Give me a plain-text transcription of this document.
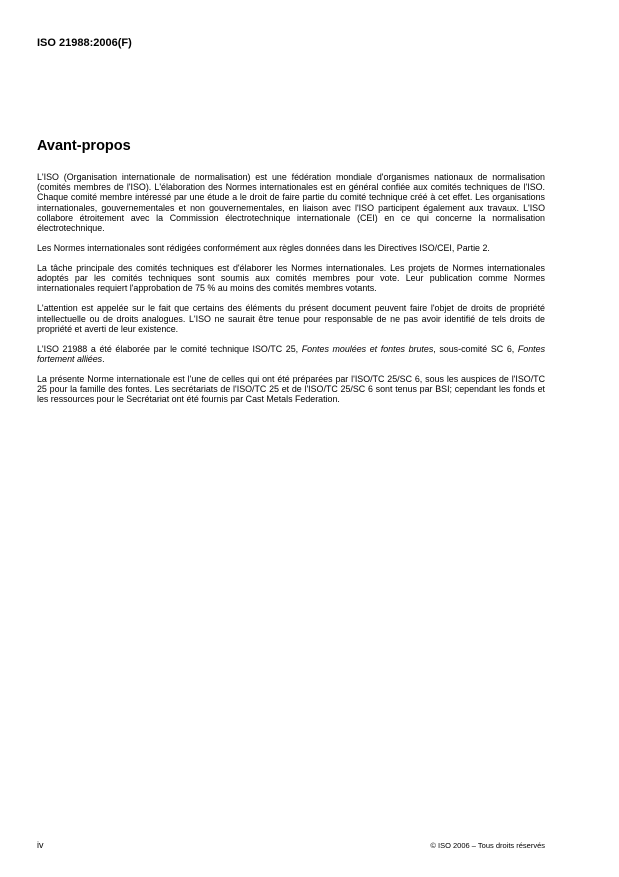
ISO 21988:2006(F)
Avant-propos

L'ISO (Organisation internationale de normalisation) est une fédération mondiale d'organismes nationaux de normalisation (comités membres de l'ISO). L'élaboration des Normes internationales est en général confiée aux comités techniques de l'ISO. Chaque comité membre intéressé par une étude a le droit de faire partie du comité technique créé à cet effet. Les organisations internationales, gouvernementales et non gouvernementales, en liaison avec l'ISO participent également aux travaux. L'ISO collabore étroitement avec la Commission électrotechnique internationale (CEI) en ce qui concerne la normalisation électrotechnique.

Les Normes internationales sont rédigées conformément aux règles données dans les Directives ISO/CEI, Partie 2.

La tâche principale des comités techniques est d'élaborer les Normes internationales. Les projets de Normes internationales adoptés par les comités techniques sont soumis aux comités membres pour vote. Leur publication comme Normes internationales requiert l'approbation de 75 % au moins des comités membres votants.

L'attention est appelée sur le fait que certains des éléments du présent document peuvent faire l'objet de droits de propriété intellectuelle ou de droits analogues. L'ISO ne saurait être tenue pour responsable de ne pas avoir identifié de tels droits de propriété et averti de leur existence.

L'ISO 21988 a été élaborée par le comité technique ISO/TC 25, Fontes moulées et fontes brutes, sous-comité SC 6, Fontes fortement alliées.

La présente Norme internationale est l'une de celles qui ont été préparées par l'ISO/TC 25/SC 6, sous les auspices de l'ISO/TC 25 pour la famille des fontes. Les secrétariats de l'ISO/TC 25 et de l'ISO/TC 25/SC 6 sont tenus par BSI; cependant les fonds et les ressources pour le Secrétariat ont été fournis par Cast Metals Federation.

iv	© ISO 2006 – Tous droits réservés
